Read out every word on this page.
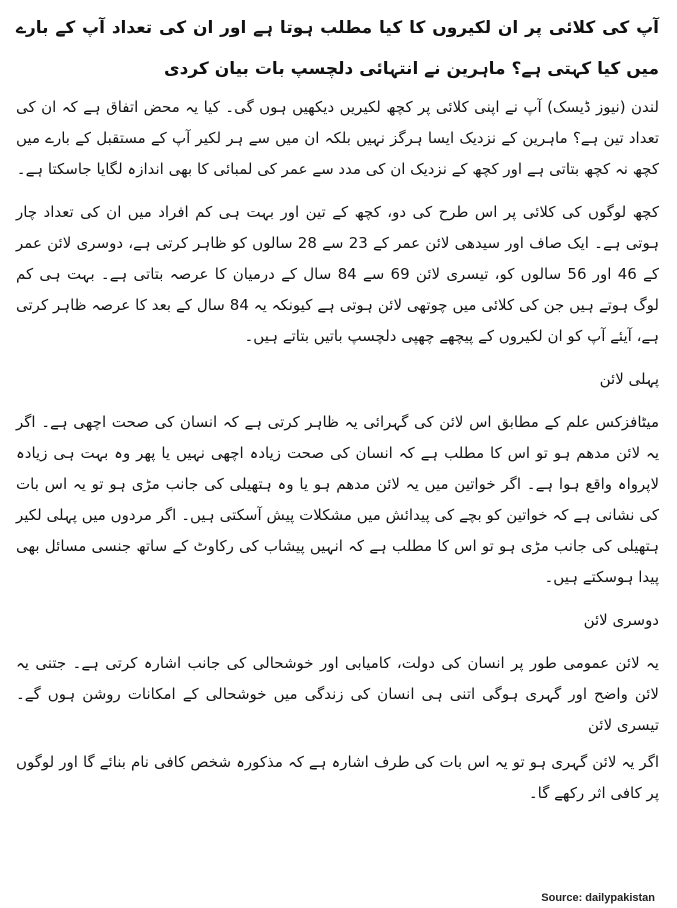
آپ کی کلائی پر ان لکیروں کا کیا مطلب ہوتا ہے اور ان کی تعداد آپ کے بارے میں کیا کہتی ہے؟ ماہرین نے انتہائی دلچسپ بات بیان کردی

لندن (نیوز ڈیسک) آپ نے اپنی کلائی پر کچھ لکیریں دیکھیں ہوں گی۔ کیا یہ محض اتفاق ہے کہ ان کی تعداد تین ہے؟ ماہرین کے نزدیک ایسا ہرگز نہیں بلکہ ان میں سے ہر لکیر آپ کے مستقبل کے بارے میں کچھ نہ کچھ بتاتی ہے اور کچھ کے نزدیک ان کی مدد سے عمر کی لمبائی کا بھی اندازہ لگایا جاسکتا ہے۔

کچھ لوگوں کی کلائی پر اس طرح کی دو، کچھ کے تین اور بہت ہی کم افراد میں ان کی تعداد چار ہوتی ہے۔ ایک صاف اور سیدھی لائن عمر کے 23 سے 28 سالوں کو ظاہر کرتی ہے، دوسری لائن عمر کے 46 اور 56 سالوں کو، تیسری لائن 69 سے 84 سال کے درمیان کا عرصہ بتاتی ہے۔ بہت ہی کم لوگ ہوتے ہیں جن کی کلائی میں چوتھی لائن ہوتی ہے کیونکہ یہ 84 سال کے بعد کا عرصہ ظاہر کرتی ہے، آیئے آپ کو ان لکیروں کے پیچھے چھپی دلچسپ باتیں بتاتے ہیں۔

پہلی لائن

میٹافزکس علم کے مطابق اس لائن کی گہرائی یہ ظاہر کرتی ہے کہ انسان کی صحت اچھی ہے۔ اگر یہ لائن مدھم ہو تو اس کا مطلب ہے کہ انسان کی صحت زیادہ اچھی نہیں یا پھر وہ بہت ہی زیادہ لاپرواہ واقع ہوا ہے۔ اگر خواتین میں یہ لائن مدھم ہو یا وہ ہتھیلی کی جانب مڑی ہو تو یہ اس بات کی نشانی ہے کہ خواتین کو بچے کی پیدائش میں مشکلات پیش آسکتی ہیں۔ اگر مردوں میں پہلی لکیر ہتھیلی کی جانب مڑی ہو تو اس کا مطلب ہے کہ انہیں پیشاب کی رکاوٹ کے ساتھ جنسی مسائل بھی پیدا ہوسکتے ہیں۔

دوسری لائن

یہ لائن عمومی طور پر انسان کی دولت، کامیابی اور خوشحالی کی جانب اشارہ کرتی ہے۔ جتنی یہ لائن واضح اور گہری ہوگی اتنی ہی انسان کی زندگی میں خوشحالی کے امکانات روشن ہوں گے۔ تیسری لائن

اگر یہ لائن گہری ہو تو یہ اس بات کی طرف اشارہ ہے کہ مذکورہ شخص کافی نام بنائے گا اور لوگوں پر کافی اثر رکھے گا۔

Source: dailypakistan
